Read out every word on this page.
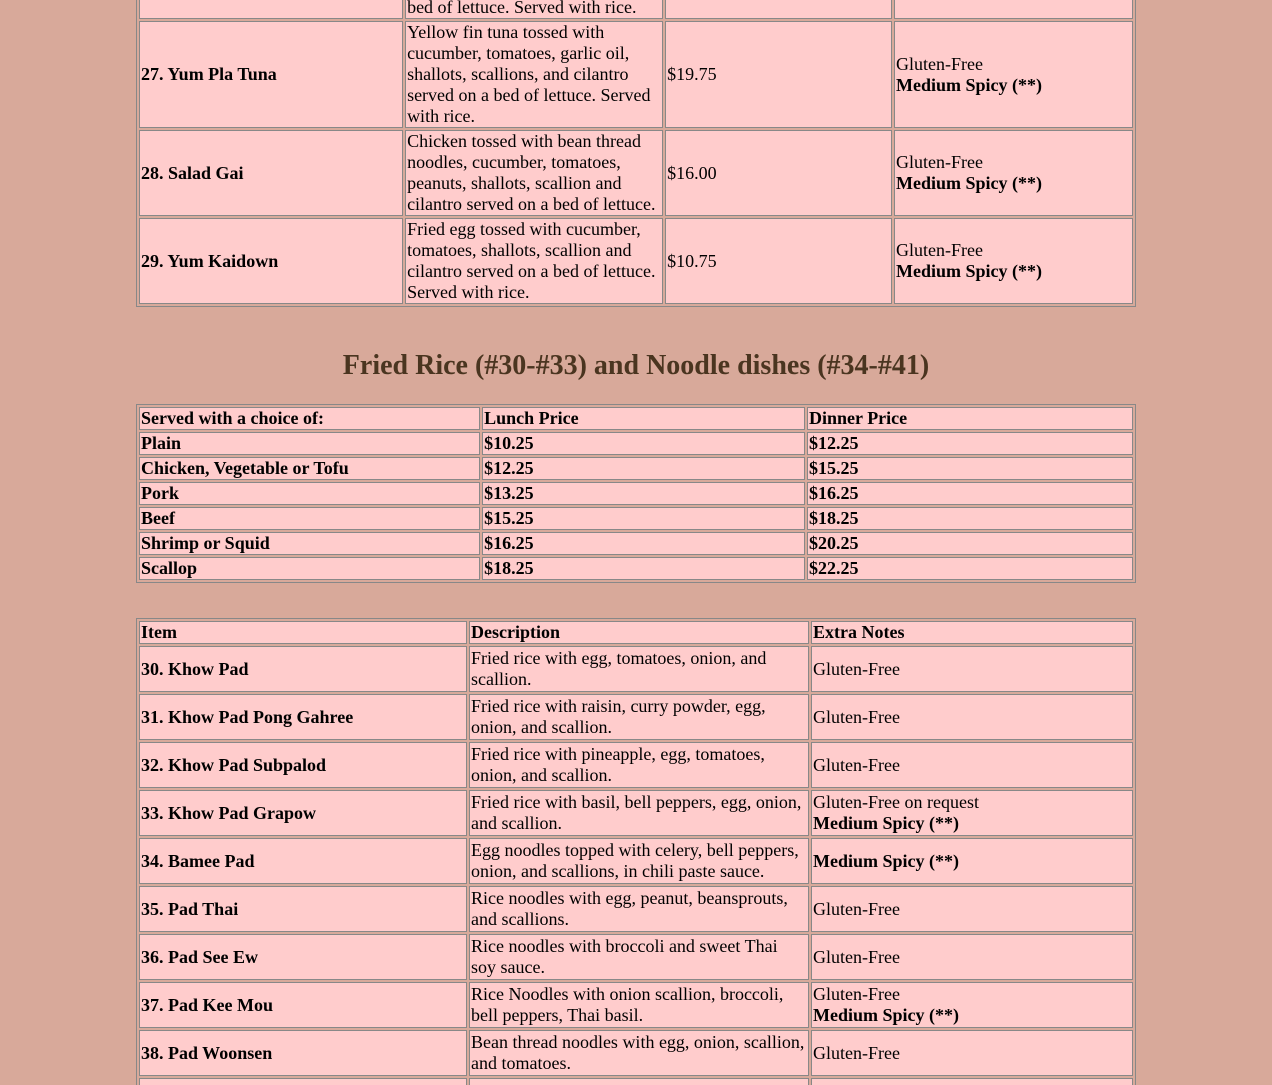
	bed of lettuce. Served with rice.		
27. Yum Pla Tuna	Yellow fin tuna tossed with cucumber, tomatoes, garlic oil, shallots, scallions, and cilantro served on a bed of lettuce. Served with rice.	$19.75	Gluten-Free
Medium Spicy (**)

28. Salad Gai	Chicken tossed with bean thread noodles, cucumber, tomatoes, peanuts, shallots, scallion and cilantro served on a bed of lettuce.	$16.00	Gluten-Free
Medium Spicy (**)

29. Yum Kaidown	Fried egg tossed with cucumber, tomatoes, shallots, scallion and cilantro served on a bed of lettuce. Served with rice.	$10.75	Gluten-Free
Medium Spicy (**)
Fried Rice (#30-#33) and Noodle dishes (#34-#41)
Served with a choice of:	Lunch Price	Dinner Price
Plain	$10.25	$12.25
Chicken, Vegetable or Tofu	$12.25	$15.25
Pork	$13.25	$16.25
Beef	$15.25	$18.25
Shrimp or Squid	$16.25	$20.25
Scallop	$18.25	$22.25
Item	Description	Extra Notes
30. Khow Pad	Fried rice with egg, tomatoes, onion, and scallion.	Gluten-Free

31. Khow Pad Pong Gahree	Fried rice with raisin, curry powder, egg, onion, and scallion.	Gluten-Free

32. Khow Pad Subpalod	Fried rice with pineapple, egg, tomatoes, onion, and scallion.	Gluten-Free

33. Khow Pad Grapow	Fried rice with basil, bell peppers, egg, onion, and scallion.	Gluten-Free on request
Medium Spicy (**)

34. Bamee Pad	Egg noodles topped with celery, bell peppers, onion, and scallions, in chili paste sauce.	Medium Spicy (**)

35. Pad Thai	Rice noodles with egg, peanut, beansprouts, and scallions.	Gluten-Free

36. Pad See Ew	Rice noodles with broccoli and sweet Thai soy sauce.	Gluten-Free

37. Pad Kee Mou	Rice Noodles with onion scallion, broccoli, bell peppers, Thai basil.	Gluten-Free
Medium Spicy (**)

38. Pad Woonsen	Bean thread noodles with egg, onion, scallion, and tomatoes.	Gluten-Free
